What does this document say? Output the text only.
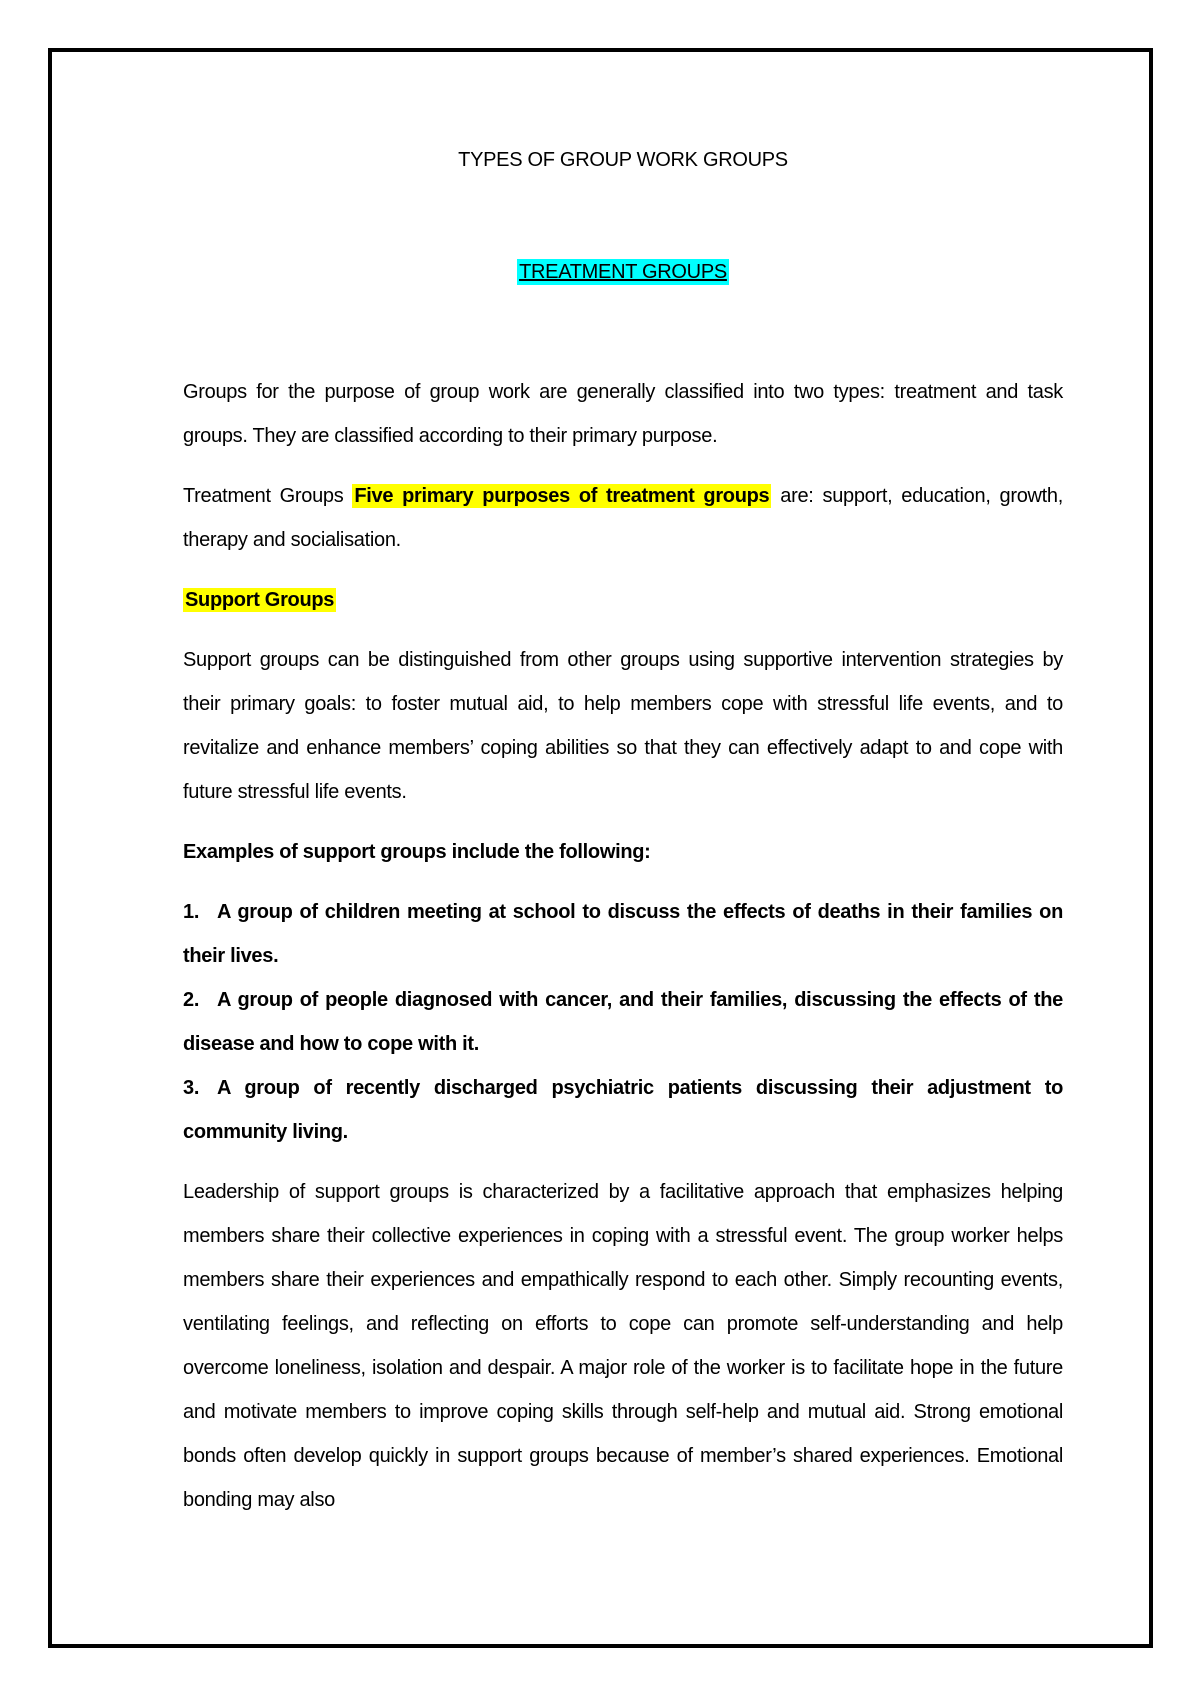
TYPES OF GROUP WORK GROUPS
TREATMENT GROUPS

Groups for the purpose of group work are generally classified into two types: treatment and task groups. They are classified according to their primary purpose.

Treatment Groups Five primary purposes of treatment groups are: support, education, growth, therapy and socialisation.

Support Groups

Support groups can be distinguished from other groups using supportive intervention strategies by their primary goals: to foster mutual aid, to help members cope with stressful life events, and to revitalize and enhance members’ coping abilities so that they can effectively adapt to and cope with future stressful life events.

Examples of support groups include the following:
1. A group of children meeting at school to discuss the effects of deaths in their families on their lives.
2. A group of people diagnosed with cancer, and their families, discussing the effects of the disease and how to cope with it.
3. A group of recently discharged psychiatric patients discussing their adjustment to community living.

Leadership of support groups is characterized by a facilitative approach that emphasizes helping members share their collective experiences in coping with a stressful event. The group worker helps members share their experiences and empathically respond to each other. Simply recounting events, ventilating feelings, and reflecting on efforts to cope can promote self-understanding and help overcome loneliness, isolation and despair. A major role of the worker is to facilitate hope in the future and motivate members to improve coping skills through self-help and mutual aid. Strong emotional bonds often develop quickly in support groups because of member’s shared experiences. Emotional bonding may also
